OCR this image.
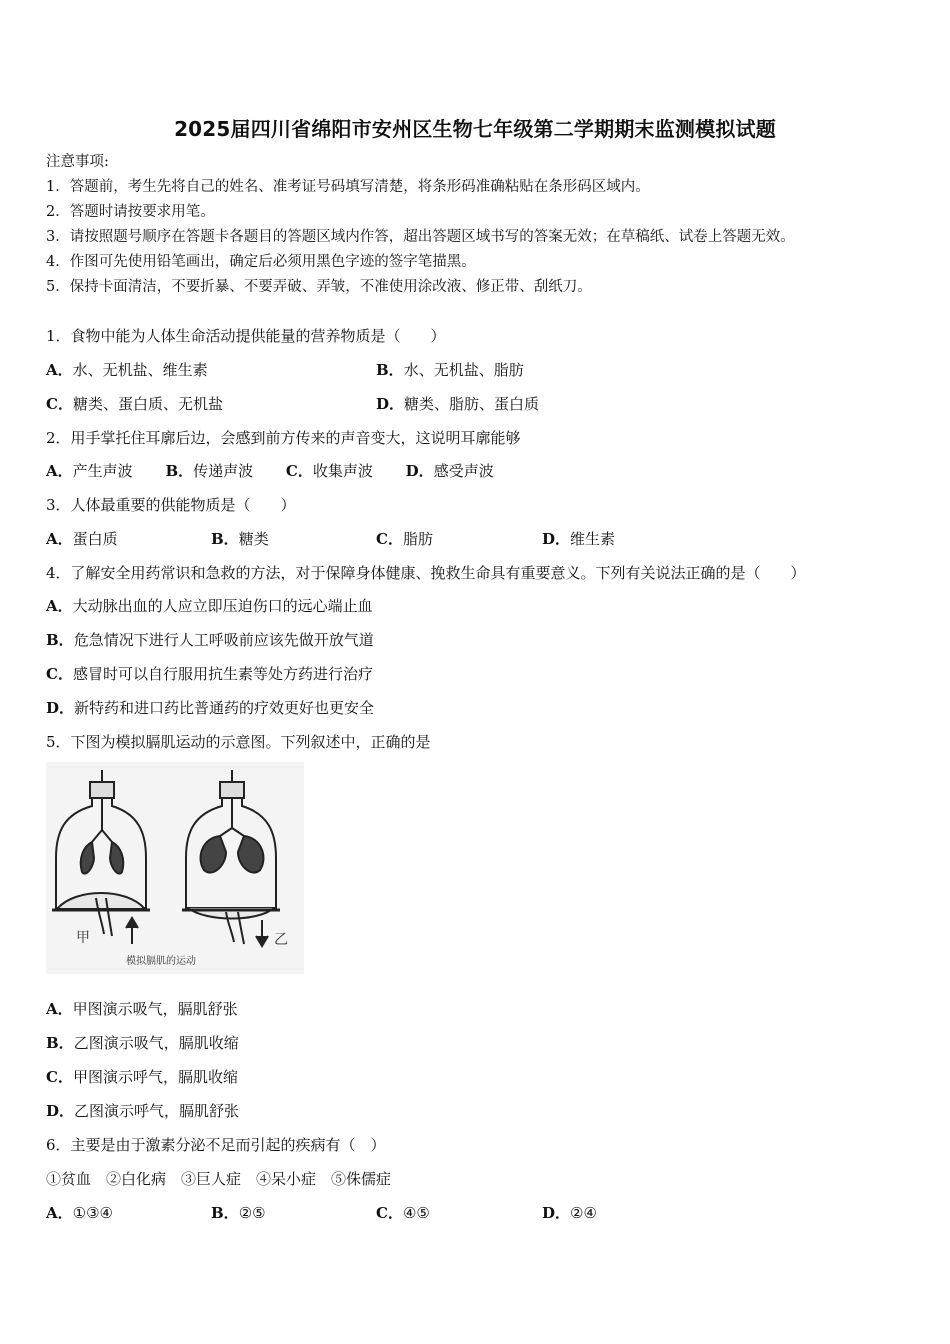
2025届四川省绵阳市安州区生物七年级第二学期期末监测模拟试题
注意事项:
1．答题前，考生先将自己的姓名、准考证号码填写清楚，将条形码准确粘贴在条形码区域内。
2．答题时请按要求用笔。
3．请按照题号顺序在答题卡各题目的答题区域内作答，超出答题区域书写的答案无效；在草稿纸、试卷上答题无效。
4．作图可先使用铅笔画出，确定后必须用黑色字迹的签字笔描黑。
5．保持卡面清洁，不要折暴、不要弄破、弄皱，不准使用涂改液、修正带、刮纸刀。
1．食物中能为人体生命活动提供能量的营养物质是（　　）
A．水、无机盐、维生素	B．水、无机盐、脂肪
C．糖类、蛋白质、无机盐	D．糖类、脂肪、蛋白质
2．用手掌托住耳廓后边，会感到前方传来的声音变大，这说明耳廓能够
A．产生声波 B．传递声波 C．收集声波 D．感受声波
3．人体最重要的供能物质是（　　）
A．蛋白质	B．糖类	C．脂肪	D．维生素
4．了解安全用药常识和急救的方法，对于保障身体健康、挽救生命具有重要意义。下列有关说法正确的是（　　）
A．大动脉出血的人应立即压迫伤口的远心端止血
B．危急情况下进行人工呼吸前应该先做开放气道
C．感冒时可以自行服用抗生素等处方药进行治疗
D．新特药和进口药比普通药的疗效更好也更安全
5．下图为模拟膈肌运动的示意图。下列叙述中，正确的是
甲	乙
模拟膈肌的运动
A．甲图演示吸气，膈肌舒张
B．乙图演示吸气，膈肌收缩
C．甲图演示呼气，膈肌收缩
D．乙图演示呼气，膈肌舒张
6．主要是由于激素分泌不足而引起的疾病有（　）
①贫血　②白化病　③巨人症　④呆小症　⑤侏儒症
A．①③④	B．②⑤	C．④⑤	D．②④
